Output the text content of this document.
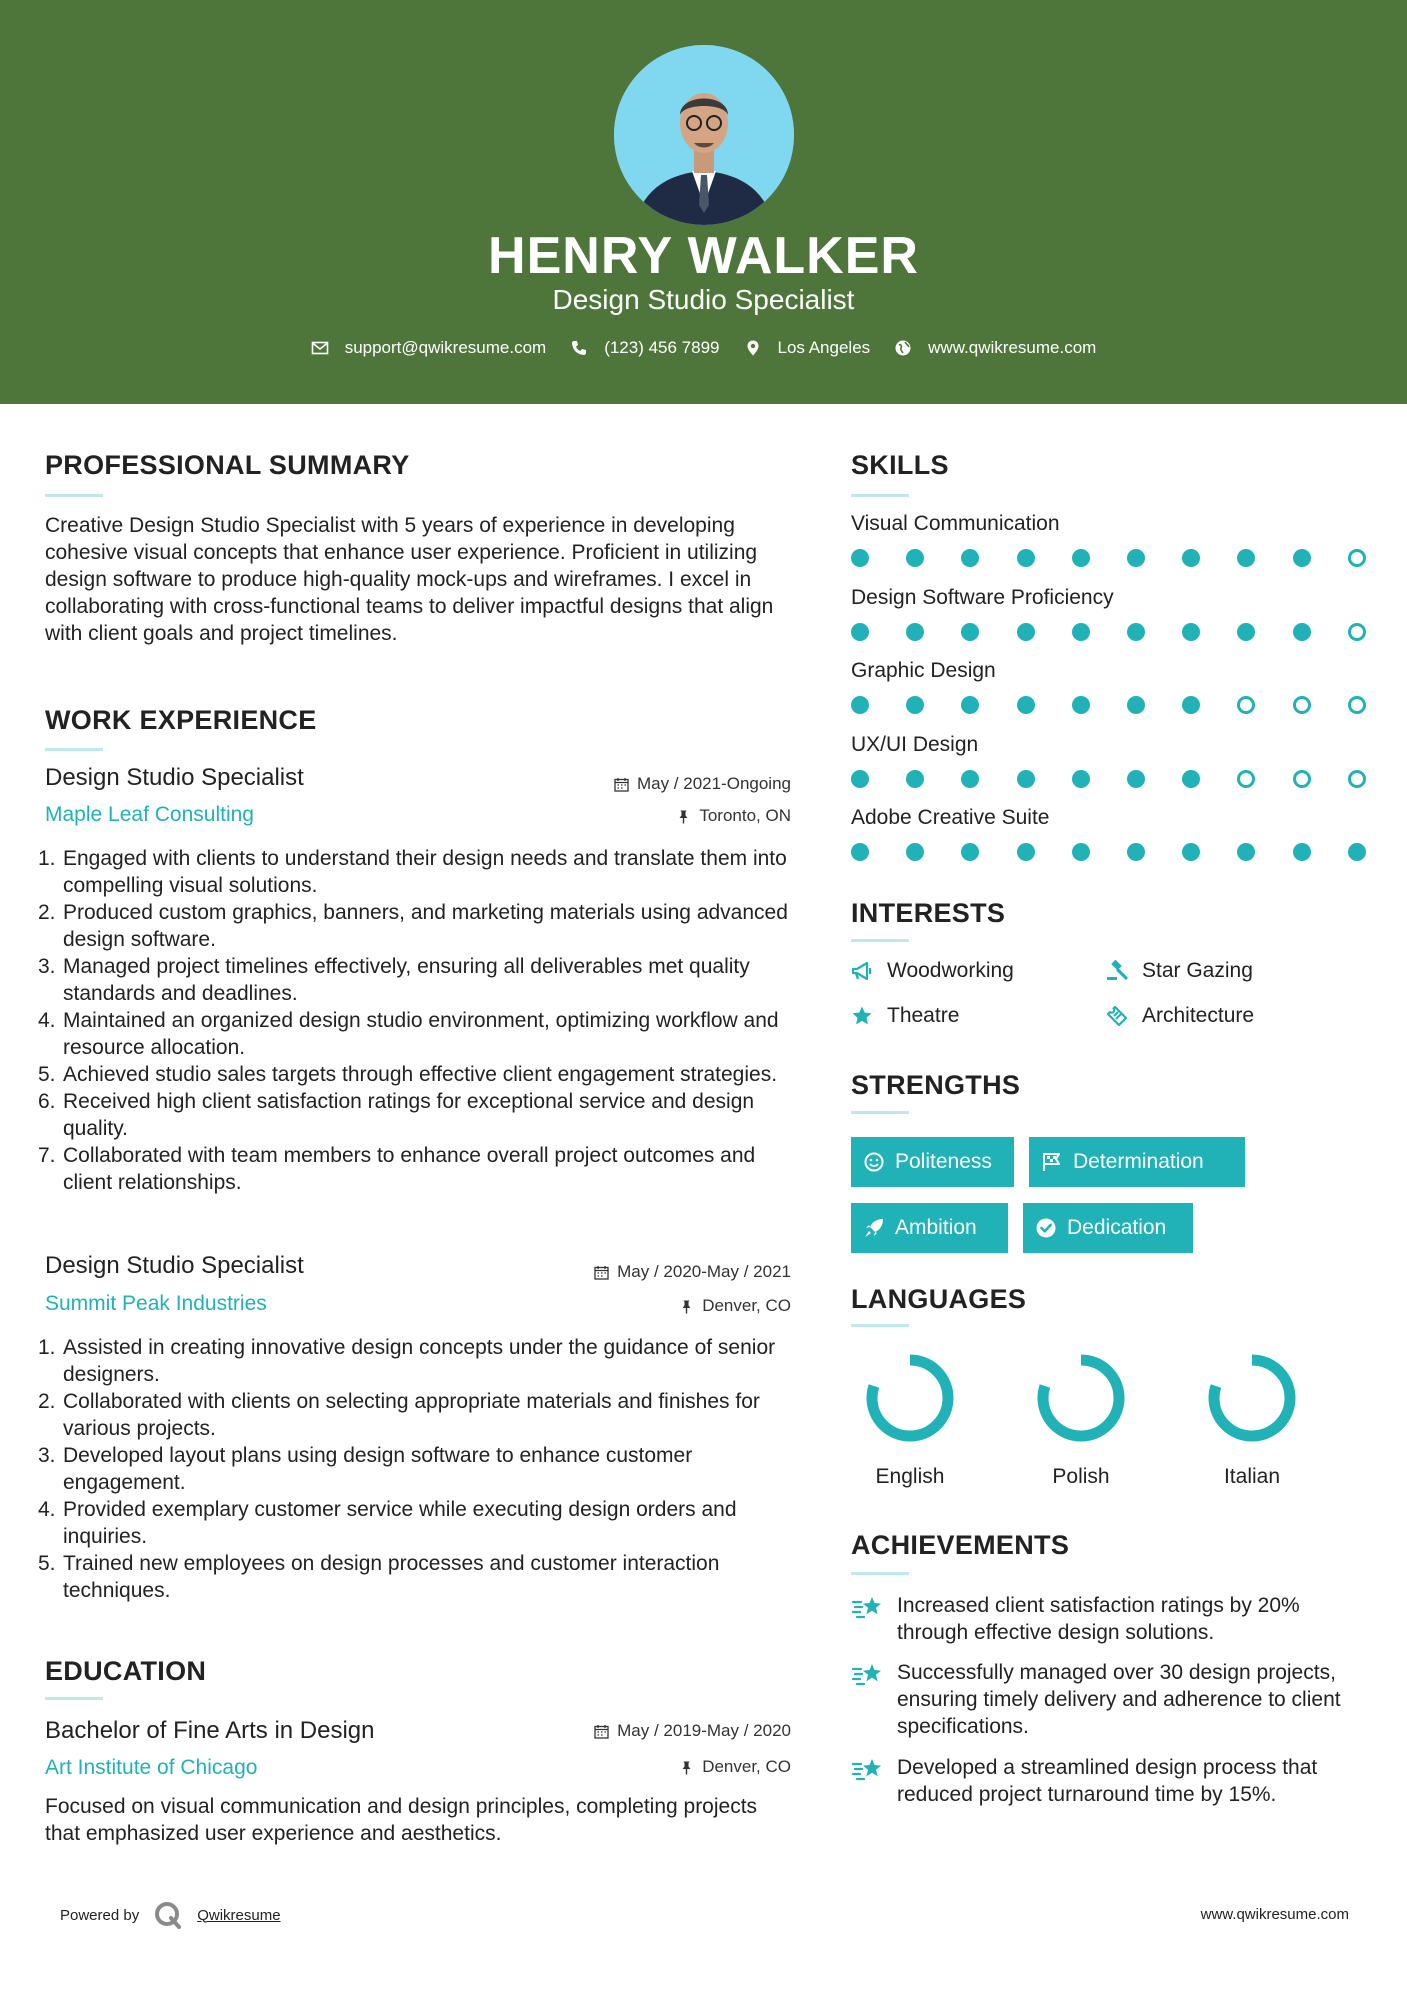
HENRY WALKER
Design Studio Specialist
support@qwikresume.com	(123) 456 7899	Los Angeles	www.qwikresume.com
PROFESSIONAL SUMMARY
Creative Design Studio Specialist with 5 years of experience in developing cohesive visual concepts that enhance user experience. Proficient in utilizing design software to produce high-quality mock-ups and wireframes. I excel in collaborating with cross-functional teams to deliver impactful designs that align with client goals and project timelines.
WORK EXPERIENCE
Design Studio Specialist	May / 2021-Ongoing
Maple Leaf Consulting	Toronto, ON
1. Engaged with clients to understand their design needs and translate them into compelling visual solutions.
2. Produced custom graphics, banners, and marketing materials using advanced design software.
3. Managed project timelines effectively, ensuring all deliverables met quality standards and deadlines.
4. Maintained an organized design studio environment, optimizing workflow and resource allocation.
5. Achieved studio sales targets through effective client engagement strategies.
6. Received high client satisfaction ratings for exceptional service and design quality.
7. Collaborated with team members to enhance overall project outcomes and client relationships.
Design Studio Specialist	May / 2020-May / 2021
Summit Peak Industries	Denver, CO
1. Assisted in creating innovative design concepts under the guidance of senior designers.
2. Collaborated with clients on selecting appropriate materials and finishes for various projects.
3. Developed layout plans using design software to enhance customer engagement.
4. Provided exemplary customer service while executing design orders and inquiries.
5. Trained new employees on design processes and customer interaction techniques.
EDUCATION
Bachelor of Fine Arts in Design	May / 2019-May / 2020
Art Institute of Chicago	Denver, CO
Focused on visual communication and design principles, completing projects that emphasized user experience and aesthetics.
SKILLS
Visual Communication
Design Software Proficiency
Graphic Design
UX/UI Design
Adobe Creative Suite
INTERESTS
Woodworking	Star Gazing
Theatre	Architecture
STRENGTHS
Politeness	Determination
Ambition	Dedication
LANGUAGES
English	Polish	Italian
ACHIEVEMENTS
Increased client satisfaction ratings by 20% through effective design solutions.
Successfully managed over 30 design projects, ensuring timely delivery and adherence to client specifications.
Developed a streamlined design process that reduced project turnaround time by 15%.
Powered by	Qwikresume	www.qwikresume.com
